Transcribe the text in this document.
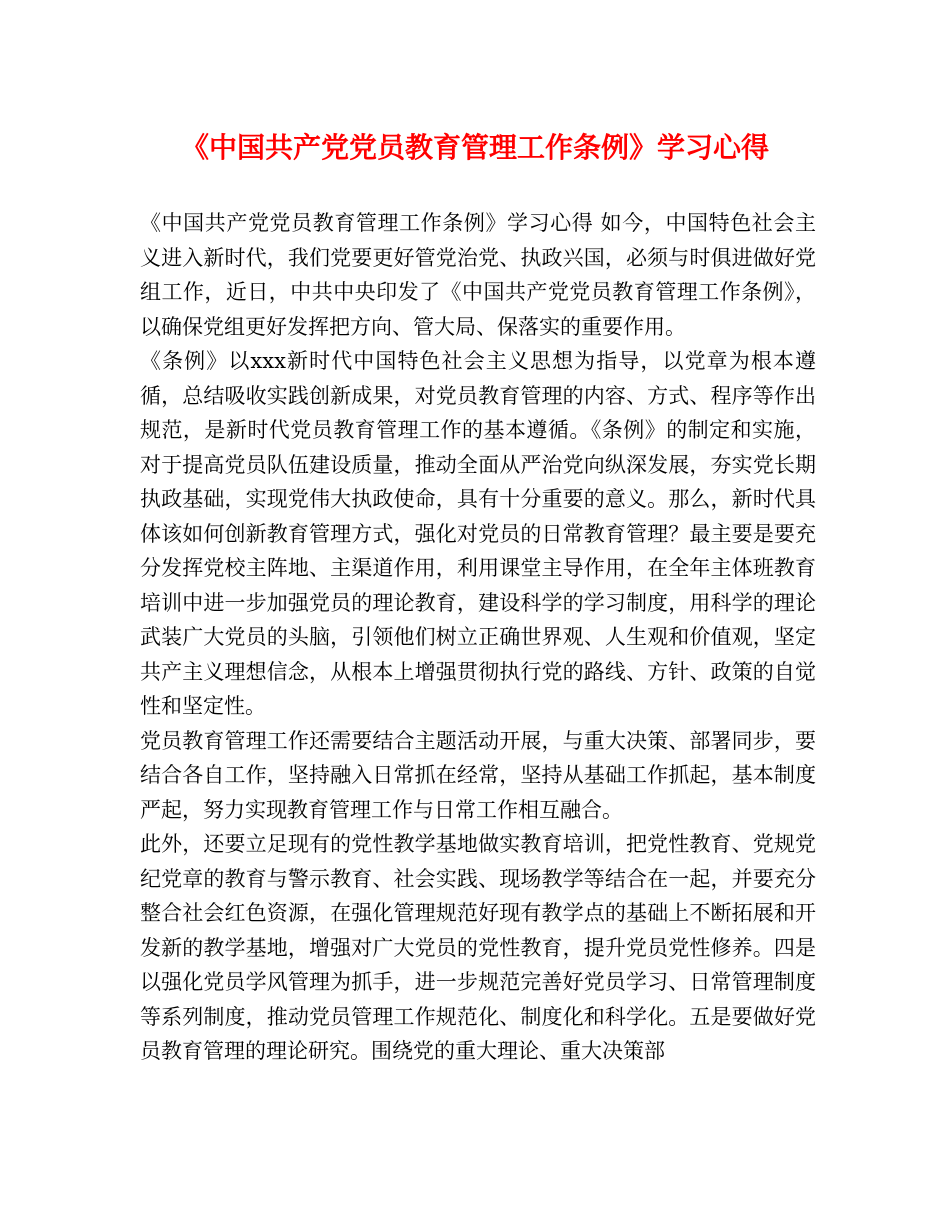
《中国共产党党员教育管理工作条例》学习心得

《中国共产党党员教育管理工作条例》学习心得 如今，中国特色社会主义进入新时代，我们党要更好管党治党、执政兴国，必须与时俱进做好党组工作，近日，中共中央印发了《中国共产党党员教育管理工作条例》，以确保党组更好发挥把方向、管大局、保落实的重要作用。

《条例》以xxx新时代中国特色社会主义思想为指导，以党章为根本遵循，总结吸收实践创新成果，对党员教育管理的内容、方式、程序等作出规范，是新时代党员教育管理工作的基本遵循。《条例》的制定和实施，对于提高党员队伍建设质量，推动全面从严治党向纵深发展，夯实党长期执政基础，实现党伟大执政使命，具有十分重要的意义。那么，新时代具体该如何创新教育管理方式，强化对党员的日常教育管理？最主要是要充分发挥党校主阵地、主渠道作用，利用课堂主导作用，在全年主体班教育培训中进一步加强党员的理论教育，建设科学的学习制度，用科学的理论武装广大党员的头脑，引领他们树立正确世界观、人生观和价值观，坚定共产主义理想信念，从根本上增强贯彻执行党的路线、方针、政策的自觉性和坚定性。

党员教育管理工作还需要结合主题活动开展，与重大决策、部署同步，要结合各自工作，坚持融入日常抓在经常，坚持从基础工作抓起，基本制度严起，努力实现教育管理工作与日常工作相互融合。

此外，还要立足现有的党性教学基地做实教育培训，把党性教育、党规党纪党章的教育与警示教育、社会实践、现场教学等结合在一起，并要充分整合社会红色资源，在强化管理规范好现有教学点的基础上不断拓展和开发新的教学基地，增强对广大党员的党性教育，提升党员党性修养。四是以强化党员学风管理为抓手，进一步规范完善好党员学习、日常管理制度等系列制度，推动党员管理工作规范化、制度化和科学化。五是要做好党员教育管理的理论研究。围绕党的重大理论、重大决策部
